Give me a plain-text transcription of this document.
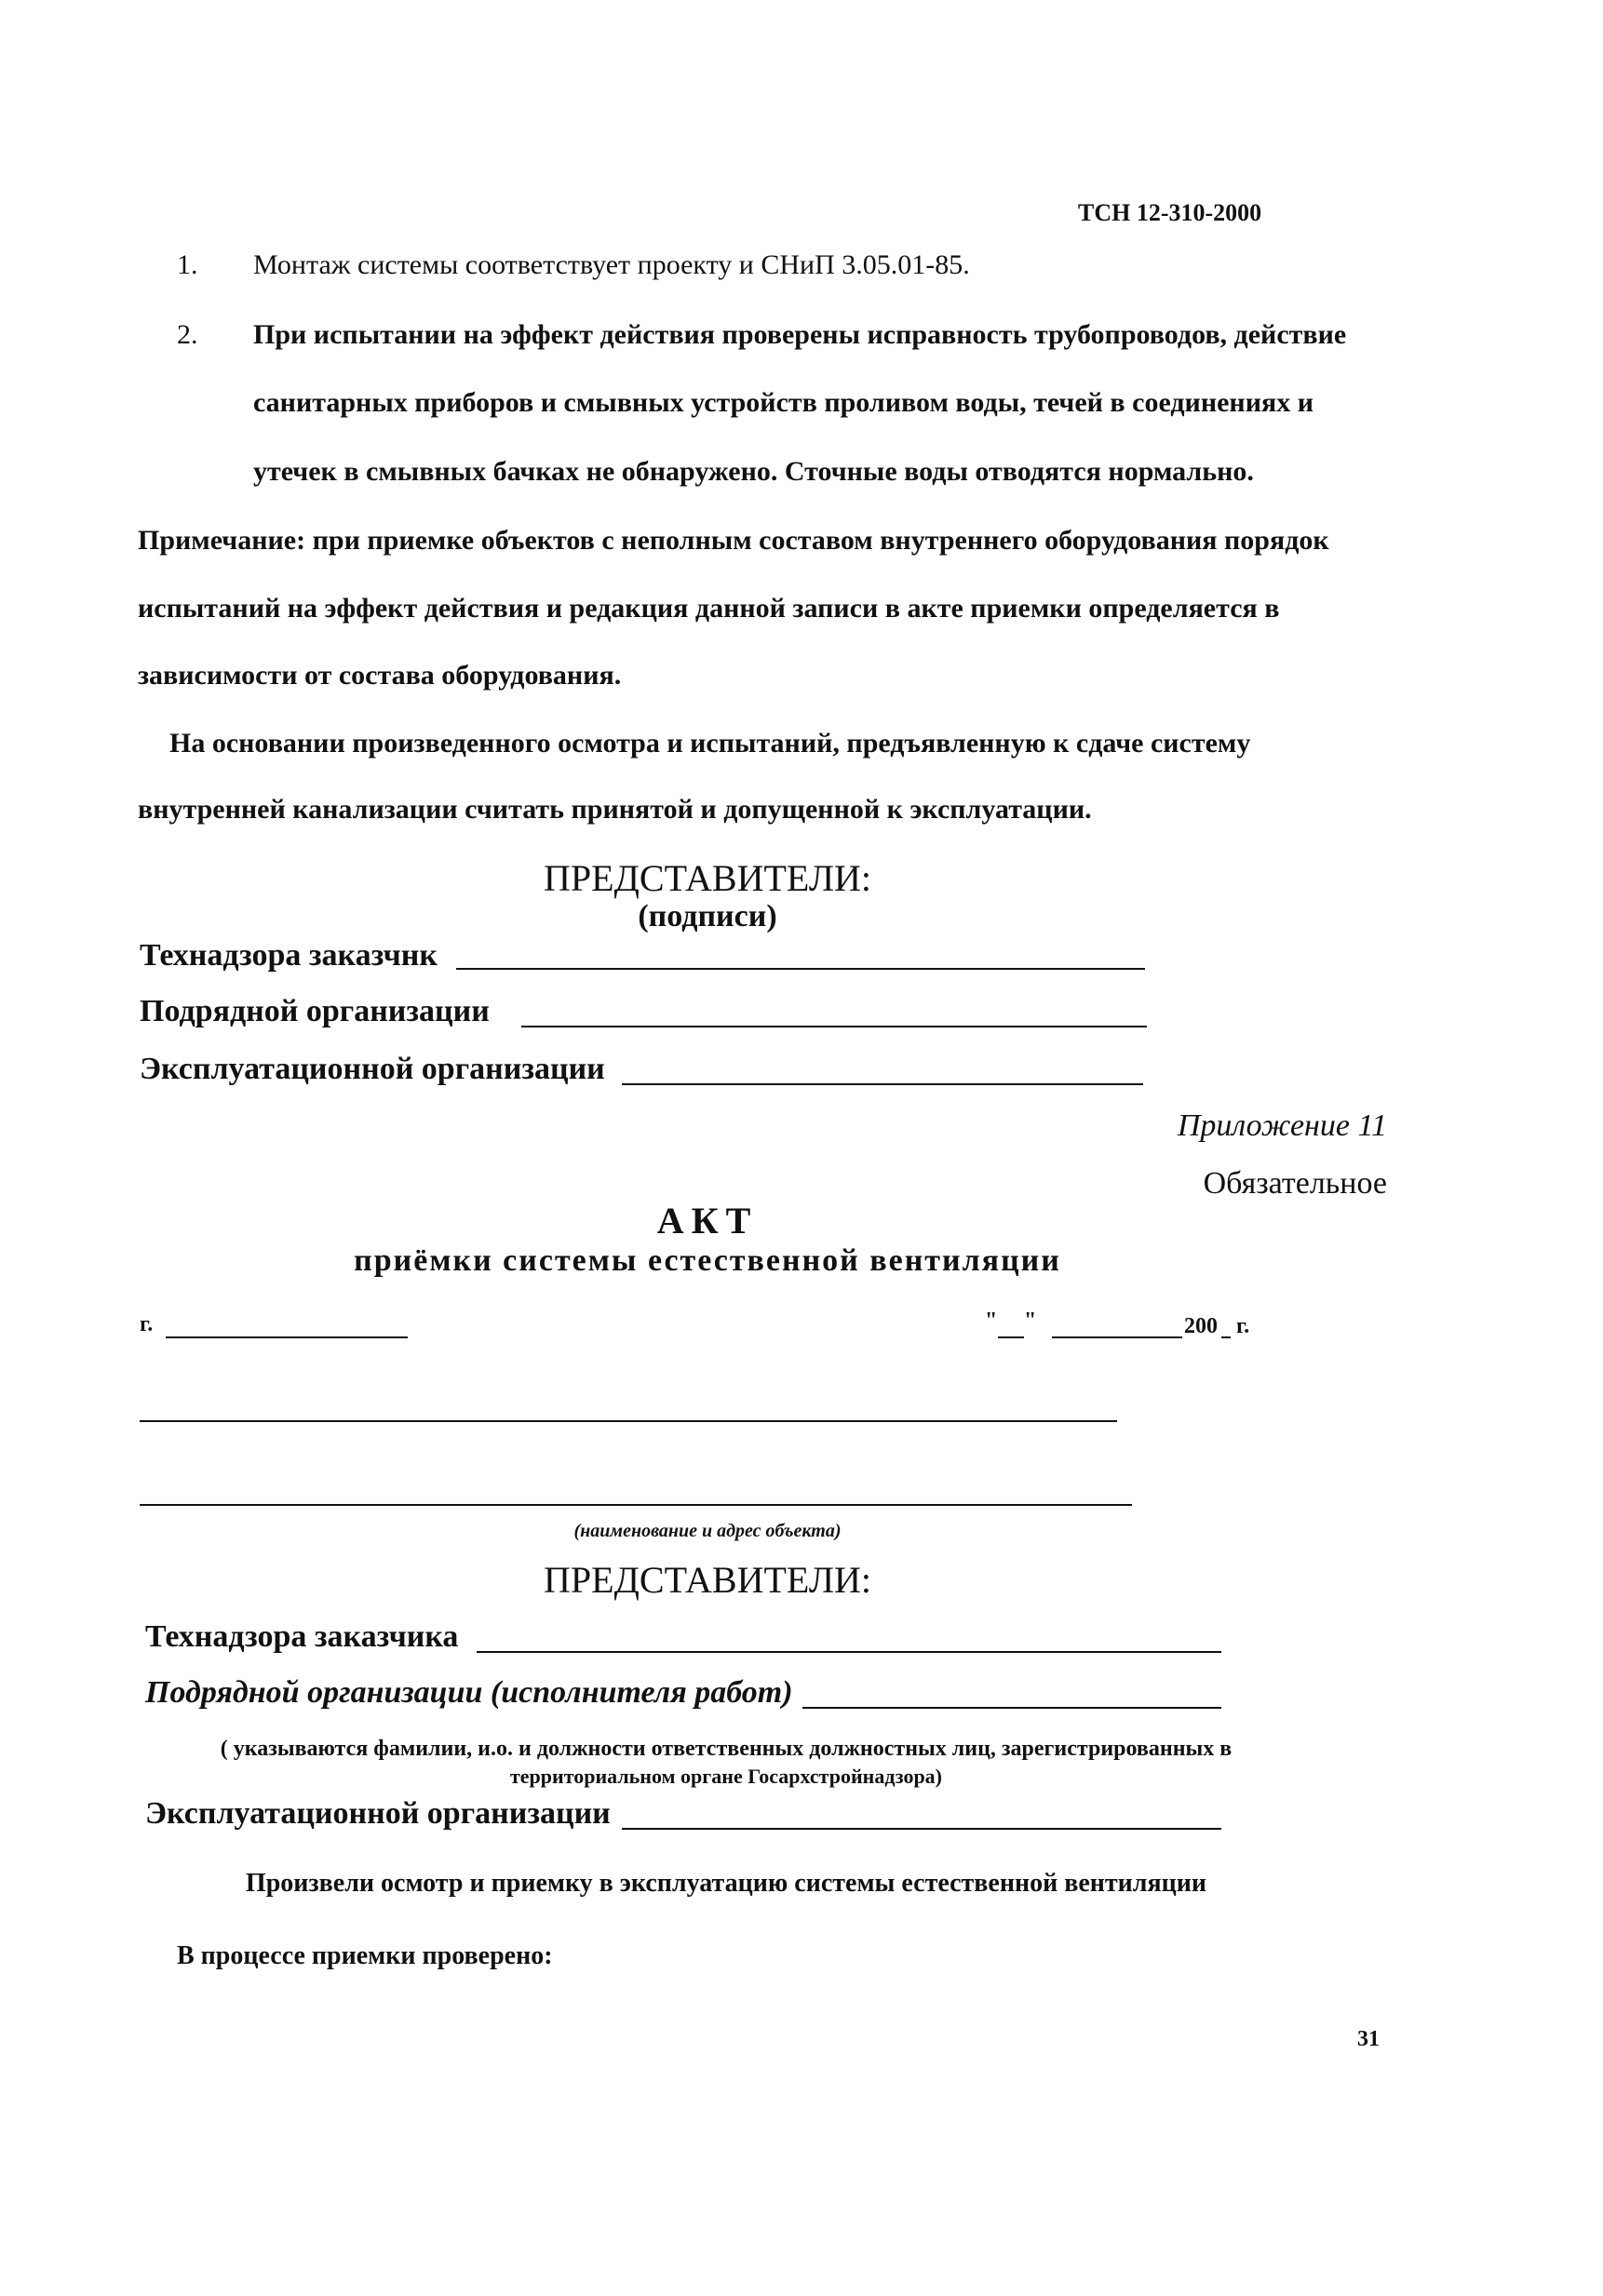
ТСН 12-310-2000
1. Монтаж системы соответствует проекту и СНиП 3.05.01-85.
2. При испытании на эффект действия проверены исправность трубопроводов, действие
санитарных приборов и смывных устройств проливом воды, течей в соединениях и
утечек в смывных бачках не обнаружено. Сточные воды отводятся нормально.
Примечание: при приемке объектов с неполным составом внутреннего оборудования порядок
испытаний на эффект действия и редакция данной записи в акте приемки определяется в
зависимости от состава оборудования.
На основании произведенного осмотра и испытаний, предъявленную к сдаче систему
внутренней канализации считать принятой и допущенной к эксплуатации.
ПРЕДСТАВИТЕЛИ:
(подписи)
Технадзора заказчнк
Подрядной организации
Эксплуатационной организации
Приложение 11
Обязательное
АКТ
приёмки системы естественной вентиляции
г.	" "	200 г.
(наименование и адрес объекта)
ПРЕДСТАВИТЕЛИ:
Технадзора заказчика
Подрядной организации (исполнителя работ)
( указываются фамилии, и.о. и должности ответственных должностных лиц, зарегистрированных в
территориальном органе Госархстройнадзора)
Эксплуатационной организации
Произвели осмотр и приемку в эксплуатацию системы естественной вентиляции
В процессе приемки проверено:
31
